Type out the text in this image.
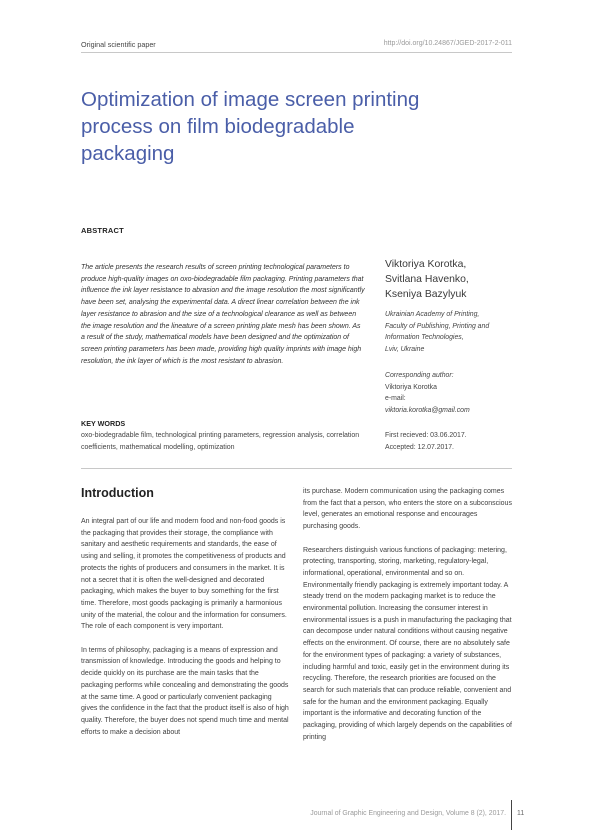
Original scientific paper	http://doi.org/10.24867/JGED-2017-2-011
Optimization of image screen printing process on film biodegradable packaging
ABSTRACT
The article presents the research results of screen printing technological parameters to produce high-quality images on oxo-biodegradable film packaging. Printing parameters that influence the ink layer resistance to abrasion and the image resolution the most significantly have been set, analysing the experimental data. A direct linear correlation between the ink layer resistance to abrasion and the size of a technological clearance as well as between the image resolution and the lineature of a screen printing plate mesh has been shown. As a result of the study, mathematical models have been designed and the optimization of screen printing parameters has been made, providing high quality imprints with image high resolution, the ink layer of which is the most resistant to abrasion.
KEY WORDS
oxo-biodegradable film, technological printing parameters, regression analysis, correlation coefficients, mathematical modelling, optimization
Viktoriya Korotka,
Svitlana Havenko,
Kseniya Bazylyuk
Ukrainian Academy of Printing,
Faculty of Publishing, Printing and
Information Technologies,
Lviv, Ukraine
Corresponding author:
Viktoriya Korotka
e-mail:
viktoria.korotka@gmail.com
First recieved: 03.06.2017.
Accepted: 12.07.2017.
Introduction

An integral part of our life and modern food and non-food goods is the packaging that provides their storage, the compliance with sanitary and aesthetic requirements and standards, the ease of using and selling, it promotes the competitiveness of products and protects the rights of producers and consumers in the market. It is not a secret that it is often the well-designed and decorated packaging, which makes the buyer to buy something for the first time. Therefore, most goods packaging is primarily a harmonious unity of the material, the colour and the information for consumers. The role of each component is very important.

In terms of philosophy, packaging is a means of expression and transmission of knowledge. Introducing the goods and helping to decide quickly on its purchase are the main tasks that the packaging performs while concealing and demonstrating the goods at the same time. A good or particularly convenient packaging gives the confidence in the fact that the product itself is also of high quality. Therefore, the buyer does not spend much time and mental efforts to make a decision about

its purchase. Modern communication using the packaging comes from the fact that a person, who enters the store on a subconscious level, generates an emotional response and encourages purchasing goods.

Researchers distinguish various functions of packaging: metering, protecting, transporting, storing, marketing, regulatory-legal, informational, operational, environmental and so on. Environmentally friendly packaging is extremely important today. A steady trend on the modern packaging market is to reduce the environmental pollution. Increasing the consumer interest in environmental issues is a push in manufacturing the packaging that can decompose under natural conditions without causing negative effects on the environment. Of course, there are no absolutely safe for the environment types of packaging: a variety of substances, including harmful and toxic, easily get in the environment during its recycling. Therefore, the research priorities are focused on the search for such materials that can produce reliable, convenient and safe for the human and the environment packaging. Equally important is the informative and decorating function of the packaging, providing of which largely depends on the capabilities of printing

Journal of Graphic Engineering and Design, Volume 8 (2), 2017. 11
